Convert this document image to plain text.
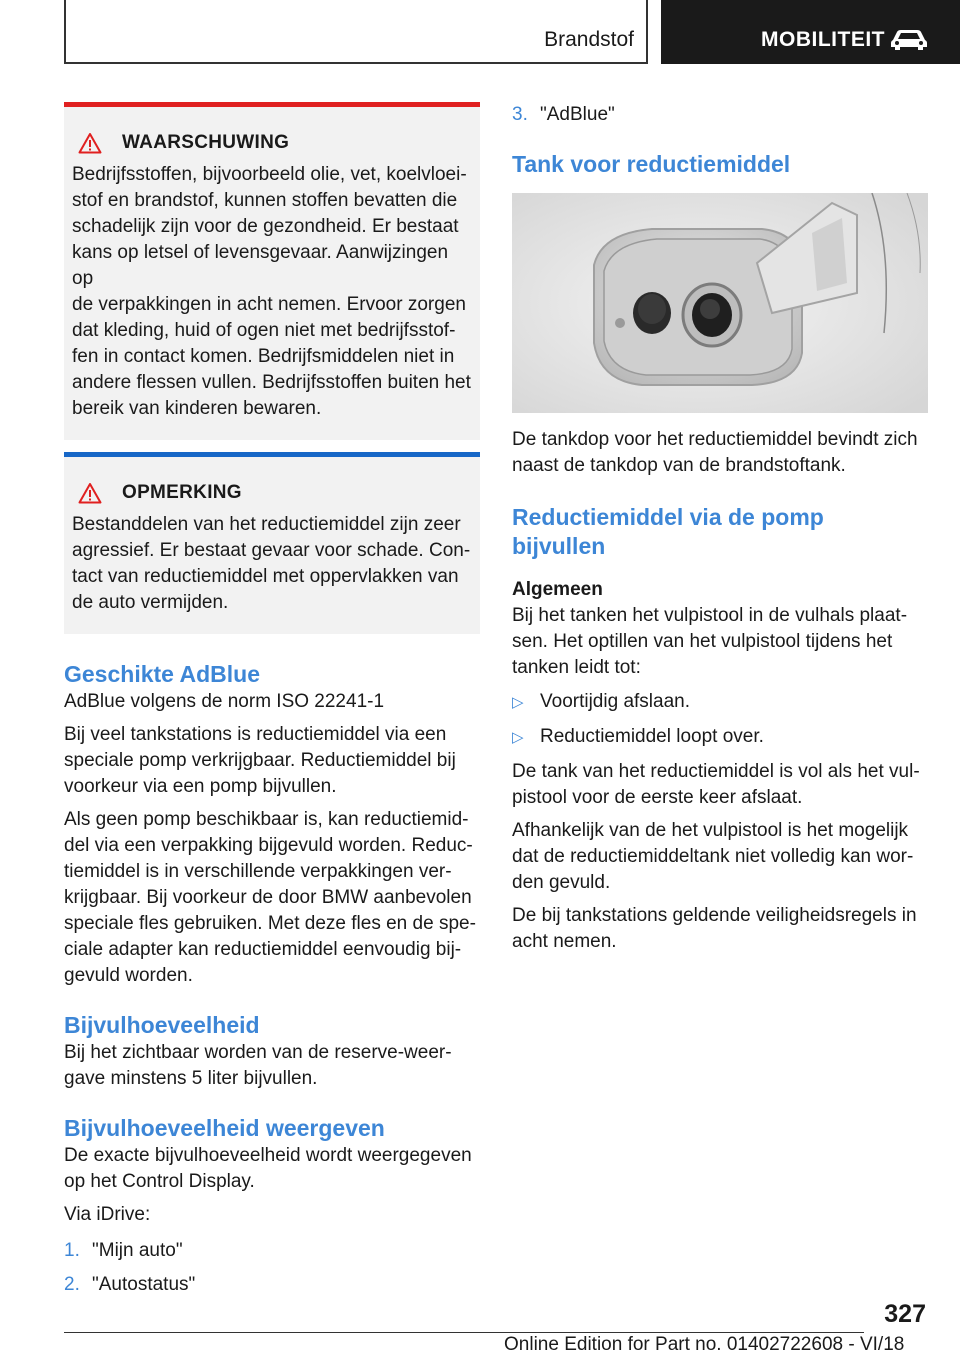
Brandstof	MOBILITEIT
WAARSCHUWING
Bedrijfsstoffen, bijvoorbeeld olie, vet, koelvloei-
stof en brandstof, kunnen stoffen bevatten die
schadelijk zijn voor de gezondheid. Er bestaat
kans op letsel of levensgevaar. Aanwijzingen op
de verpakkingen in acht nemen. Ervoor zorgen
dat kleding, huid of ogen niet met bedrijfsstof-
fen in contact komen. Bedrijfsmiddelen niet in
andere flessen vullen. Bedrijfsstoffen buiten het
bereik van kinderen bewaren.
OPMERKING
Bestanddelen van het reductiemiddel zijn zeer
agressief. Er bestaat gevaar voor schade. Con-
tact van reductiemiddel met oppervlakken van
de auto vermijden.
Geschikte AdBlue

AdBlue volgens de norm ISO 22241-1

Bij veel tankstations is reductiemiddel via een
speciale pomp verkrijgbaar. Reductiemiddel bij
voorkeur via een pomp bijvullen.

Als geen pomp beschikbaar is, kan reductiemid-
del via een verpakking bijgevuld worden. Reduc-
tiemiddel is in verschillende verpakkingen ver-
krijgbaar. Bij voorkeur de door BMW aanbevolen
speciale fles gebruiken. Met deze fles en de spe-
ciale adapter kan reductiemiddel eenvoudig bij-
gevuld worden.

Bijvulhoeveelheid

Bij het zichtbaar worden van de reserve-weer-
gave minstens 5 liter bijvullen.

Bijvulhoeveelheid weergeven

De exacte bijvulhoeveelheid wordt weergegeven
op het Control Display.

Via iDrive:

1. "Mijn auto"
2. "Autostatus"
3. "AdBlue"
Tank voor reductiemiddel

De tankdop voor het reductiemiddel bevindt zich
naast de tankdop van de brandstoftank.

Reductiemiddel via de pomp
bijvullen
Algemeen

Bij het tanken het vulpistool in de vulhals plaat-
sen. Het optillen van het vulpistool tijdens het
tanken leidt tot:

▷ Voortijdig afslaan.
▷ Reductiemiddel loopt over.

De tank van het reductiemiddel is vol als het vul-
pistool voor de eerste keer afslaat.

Afhankelijk van de het vulpistool is het mogelijk
dat de reductiemiddeltank niet volledig kan wor-
den gevuld.

De bij tankstations geldende veiligheidsregels in
acht nemen.

327
Online Edition for Part no. 01402722608 - VI/18
